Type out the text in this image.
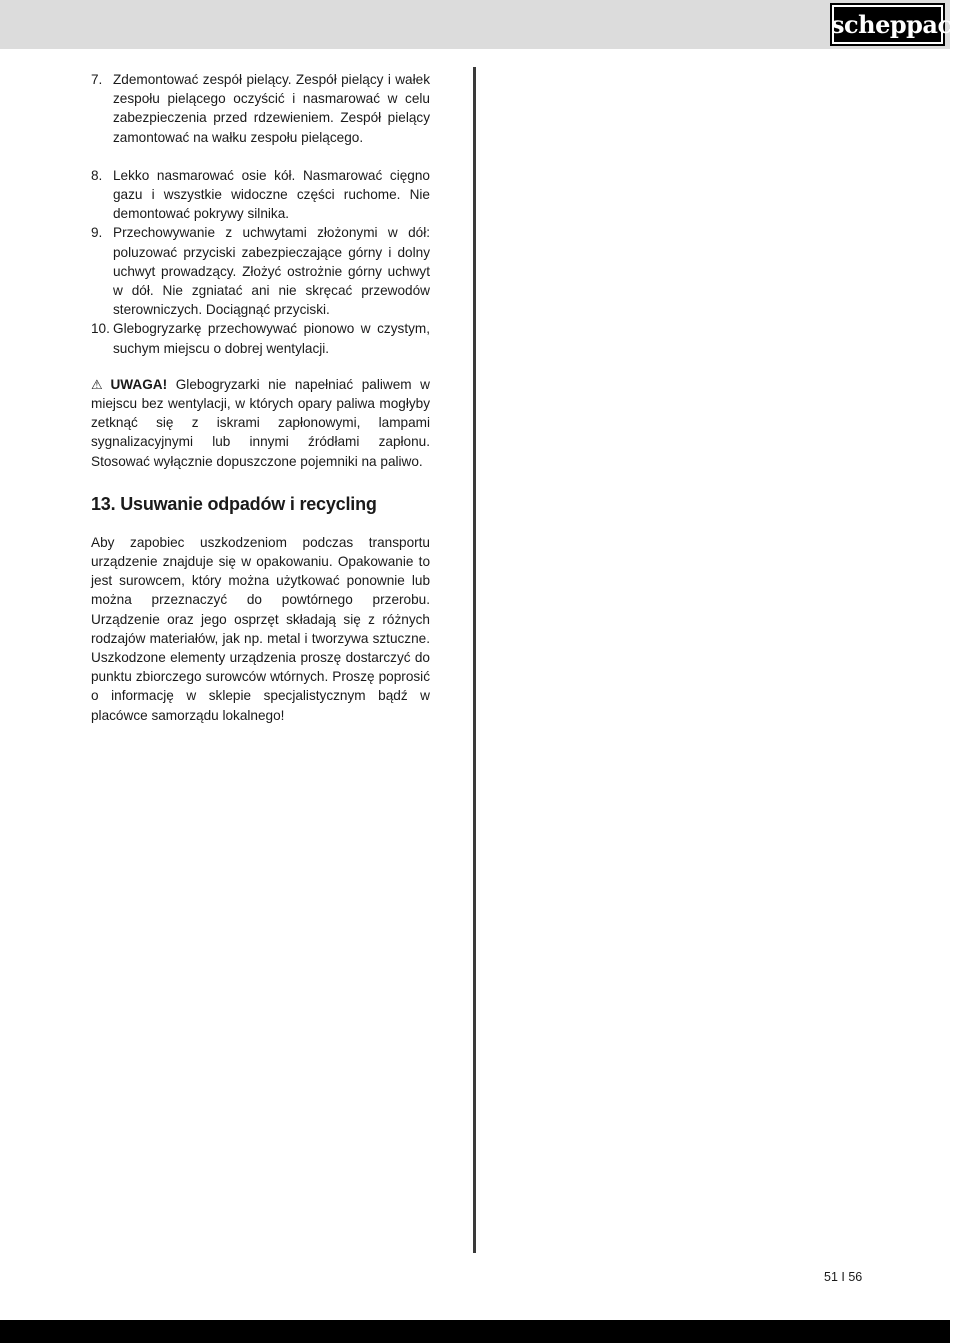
scheppach
7. Zdemontować zespół pielący. Zespół pielący i wałek zespołu pielącego oczyścić i nasmarować w celu zabezpieczenia przed rdzewieniem. Zespół pielący zamontować na wałku zespołu pielącego.
8. Lekko nasmarować osie kół. Nasmarować cięgno gazu i wszystkie widoczne części ruchome. Nie demontować pokrywy silnika.
9. Przechowywanie z uchwytami złożonymi w dół: poluzować przyciski zabezpieczające górny i dolny uchwyt prowadzący. Złożyć ostrożnie górny uchwyt w dół. Nie zgniatać ani nie skręcać przewodów sterowniczych. Dociągnąć przyciski.
10. Glebogryzarkę przechowywać pionowo w czystym, suchym miejscu o dobrej wentylacji.
⚠ UWAGA! Glebogryzarki nie napełniać paliwem w miejscu bez wentylacji, w których opary paliwa mogłyby zetknąć się z iskrami zapłonowymi, lampami sygnalizacyjnymi lub innymi źródłami zapłonu. Stosować wyłącznie dopuszczone pojemniki na paliwo.
13. Usuwanie odpadów i recycling
Aby zapobiec uszkodzeniom podczas transportu urządzenie znajduje się w opakowaniu. Opakowanie to jest surowcem, który można użytkować ponownie lub można przeznaczyć do powtórnego przerobu. Urządzenie oraz jego osprzęt składają się z różnych rodzajów materiałów, jak np. metal i tworzywa sztuczne. Uszkodzone elementy urządzenia proszę dostarczyć do punktu zbiorczego surowców wtórnych. Proszę poprosić o informację w sklepie specjalistycznym bądź w placówce samorządu lokalnego!
51 I 56
